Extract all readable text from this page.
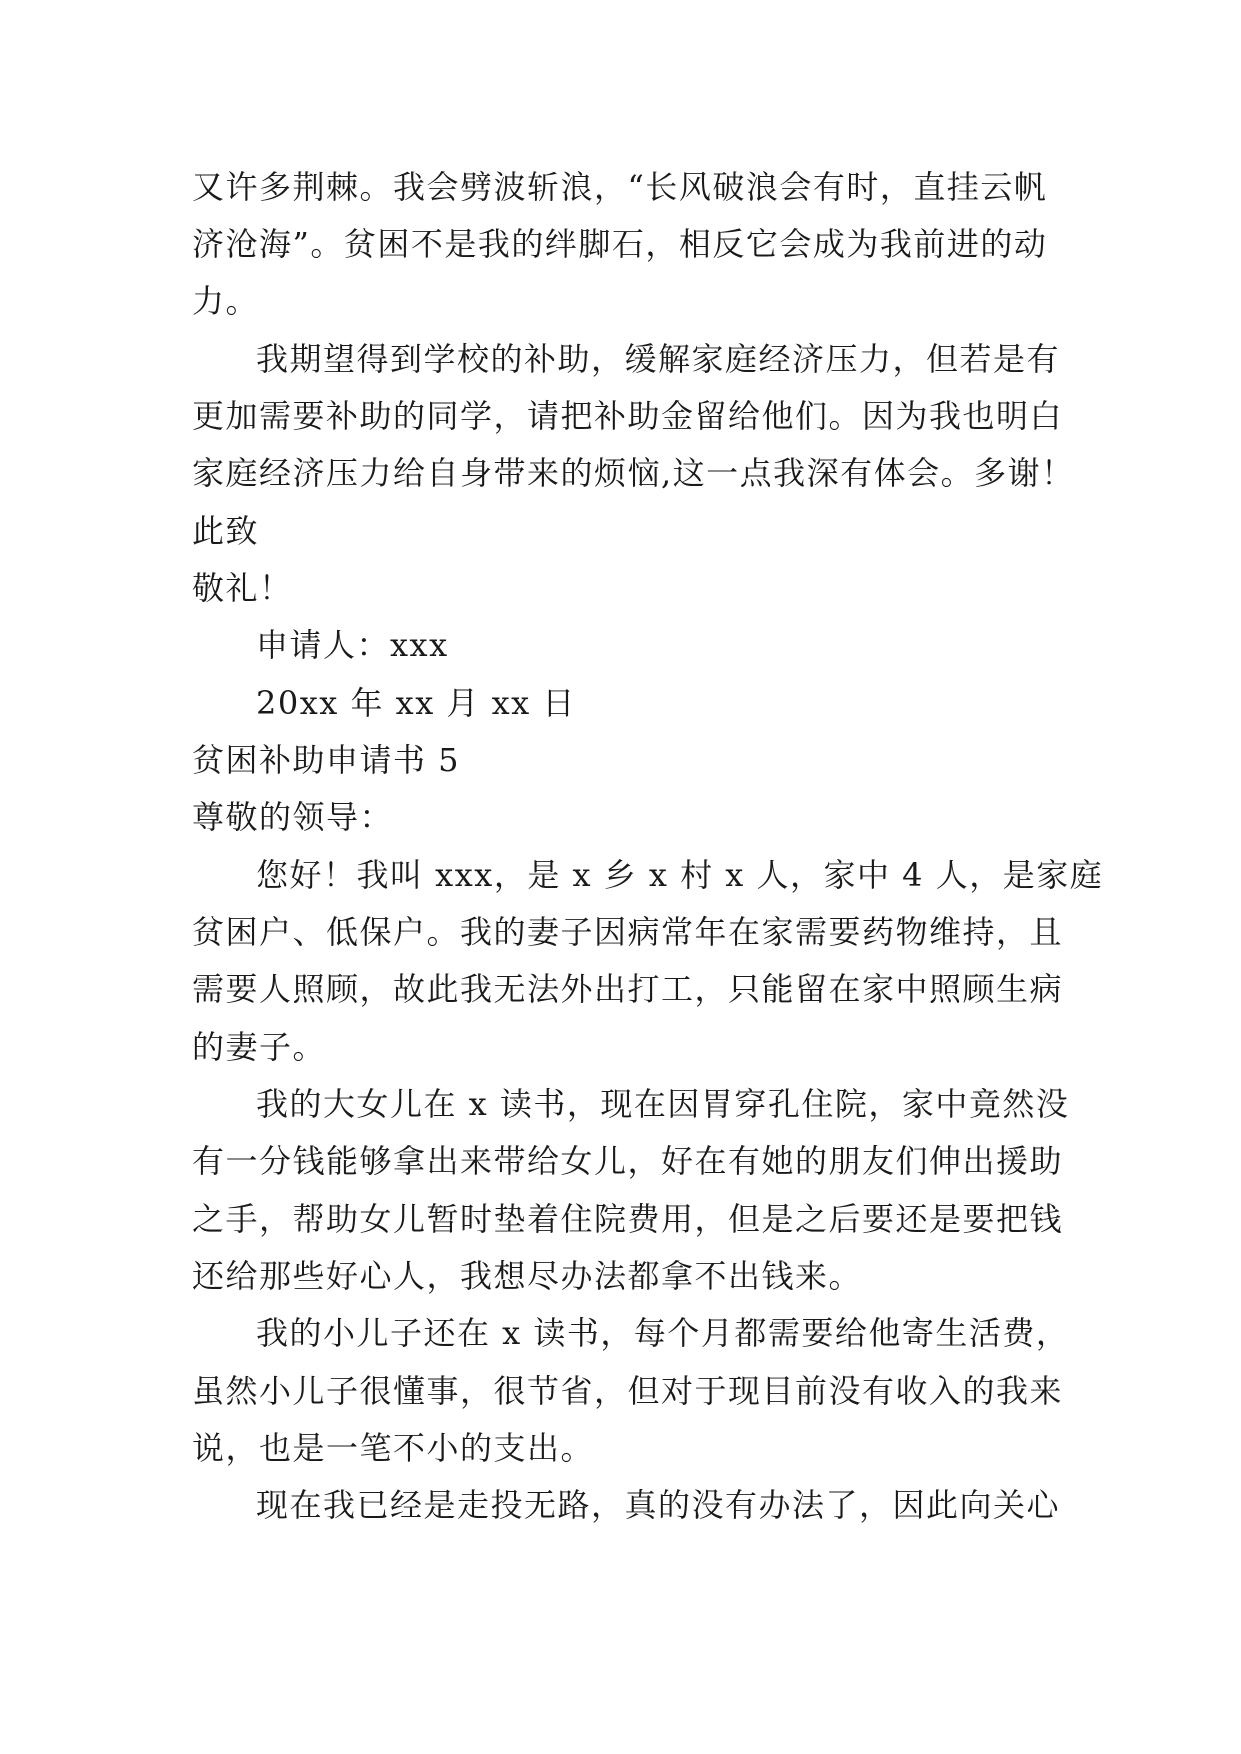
又许多荆棘。我会劈波斩浪，“长风破浪会有时，直挂云帆
济沧海”。贫困不是我的绊脚石，相反它会成为我前进的动
力。
我期望得到学校的补助，缓解家庭经济压力，但若是有
更加需要补助的同学，请把补助金留给他们。因为我也明白
家庭经济压力给自身带来的烦恼,这一点我深有体会。多谢！
此致
敬礼！
申请人：xxx
20xx 年 xx 月 xx 日
贫困补助申请书 5
尊敬的领导：
您好！我叫 xxx，是 x 乡 x 村 x 人，家中 4 人，是家庭
贫困户、低保户。我的妻子因病常年在家需要药物维持，且
需要人照顾，故此我无法外出打工，只能留在家中照顾生病
的妻子。
我的大女儿在 x 读书，现在因胃穿孔住院，家中竟然没
有一分钱能够拿出来带给女儿，好在有她的朋友们伸出援助
之手，帮助女儿暂时垫着住院费用，但是之后要还是要把钱
还给那些好心人，我想尽办法都拿不出钱来。
我的小儿子还在 x 读书，每个月都需要给他寄生活费，
虽然小儿子很懂事，很节省，但对于现目前没有收入的我来
说，也是一笔不小的支出。
现在我已经是走投无路，真的没有办法了，因此向关心
